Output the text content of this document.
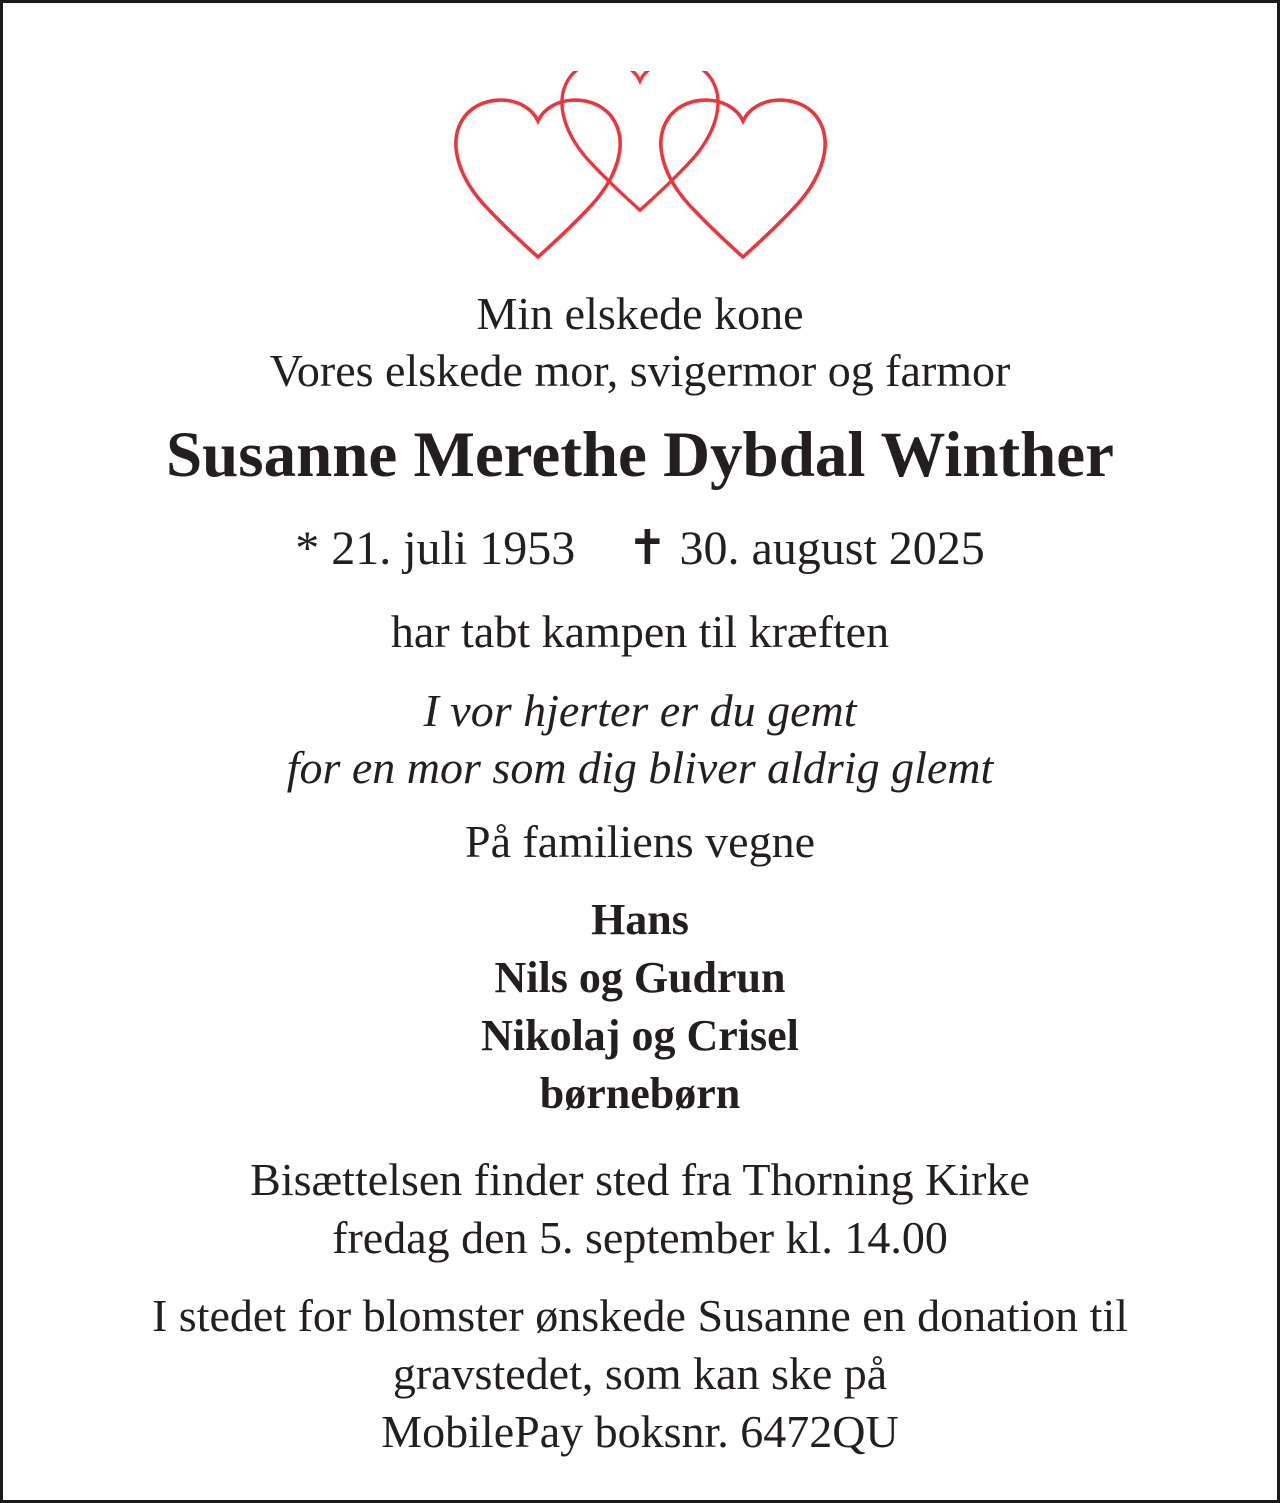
Min elskede kone
Vores elskede mor, svigermor og farmor
Susanne Merethe Dybdal Winther
* 21. juli 1953 ✝ 30. august 2025
har tabt kampen til kræften
I vor hjerter er du gemt
for en mor som dig bliver aldrig glemt
På familiens vegne
Hans
Nils og Gudrun
Nikolaj og Crisel
børnebørn
Bisættelsen finder sted fra Thorning Kirke
fredag den 5. september kl. 14.00
I stedet for blomster ønskede Susanne en donation til
gravstedet, som kan ske på
MobilePay boksnr. 6472QU
